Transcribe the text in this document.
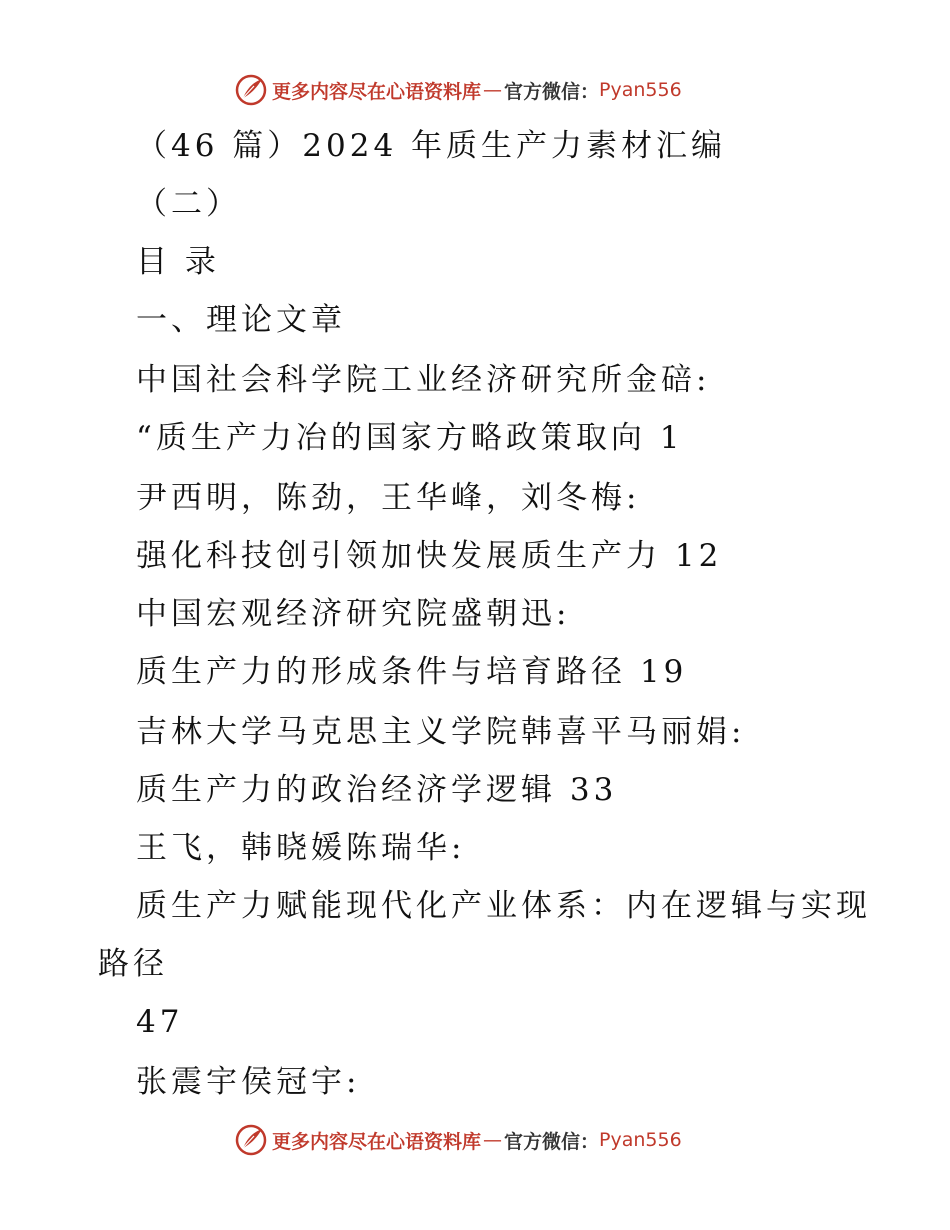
更多内容尽在心语资料库 — 官方微信： Pyan556
（46 篇）2024 年质生产力素材汇编
（二）
目 录
一、理论文章
中国社会科学院工业经济研究所金碚:
“质生产力冶的国家方略政策取向 1
尹西明，陈劲，王华峰，刘冬梅:
强化科技创引领加快发展质生产力 12
中国宏观经济研究院盛朝迅:
质生产力的形成条件与培育路径 19
吉林大学马克思主义学院韩喜平马丽娟:
质生产力的政治经济学逻辑 33
王飞，韩晓媛陈瑞华:
质生产力赋能现代化产业体系：内在逻辑与实现
路径
47
张震宇侯冠宇:
更多内容尽在心语资料库 — 官方微信： Pyan556
